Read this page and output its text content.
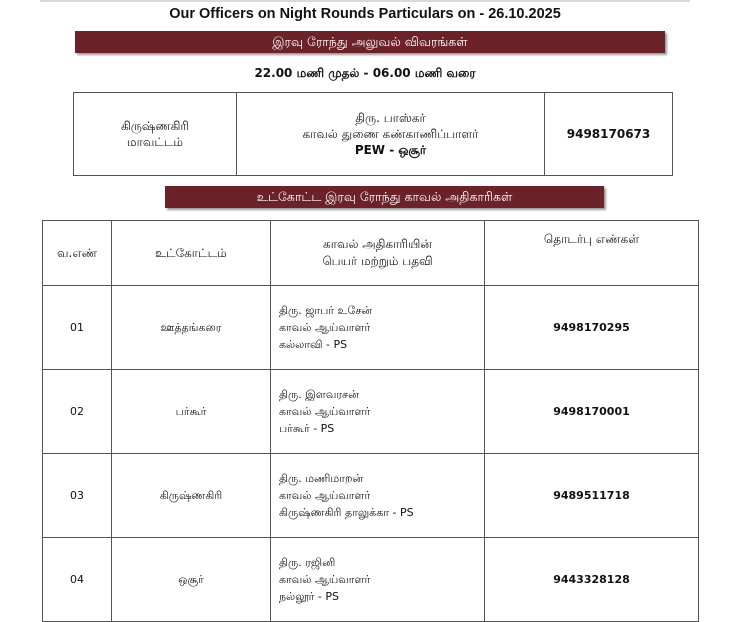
Our Officers on Night Rounds Particulars on - 26.10.2025
இரவு ரோந்து அலுவல் விவரங்கள்
22.00 மணி முதல் - 06.00 மணி வரை
கிருஷ்ணகிரி
மாவட்டம்

திரு. பாஸ்கர்
காவல் துணை கண்காணிப்பாளர்
PEW - ஒசூர்
	9498170673
உட்கோட்ட இரவு ரோந்து காவல் அதிகாரிகள்
வ.எண்	உட்கோட்டம்	காவல் அதிகாரியின்
பெயர் மற்றும் பதவி	தொடர்பு எண்கள்
01	ஊத்தங்கரை	திரு. ஜாபர் உசேன்
காவல் ஆய்வாளர்
கல்லாவி - PS	9498170295
02	பர்கூர்	திரு. இளவரசன்
காவல் ஆய்வாளர்
பர்கூர் - PS	9498170001
03	கிருஷ்ணகிரி	திரு. மணிமாறன்
காவல் ஆய்வாளர்
கிருஷ்ணகிரி தாலுக்கா - PS	9489511718
04	ஒசூர்	திரு. ரஜினி
காவல் ஆய்வாளர்
நல்லூர் - PS	9443328128
